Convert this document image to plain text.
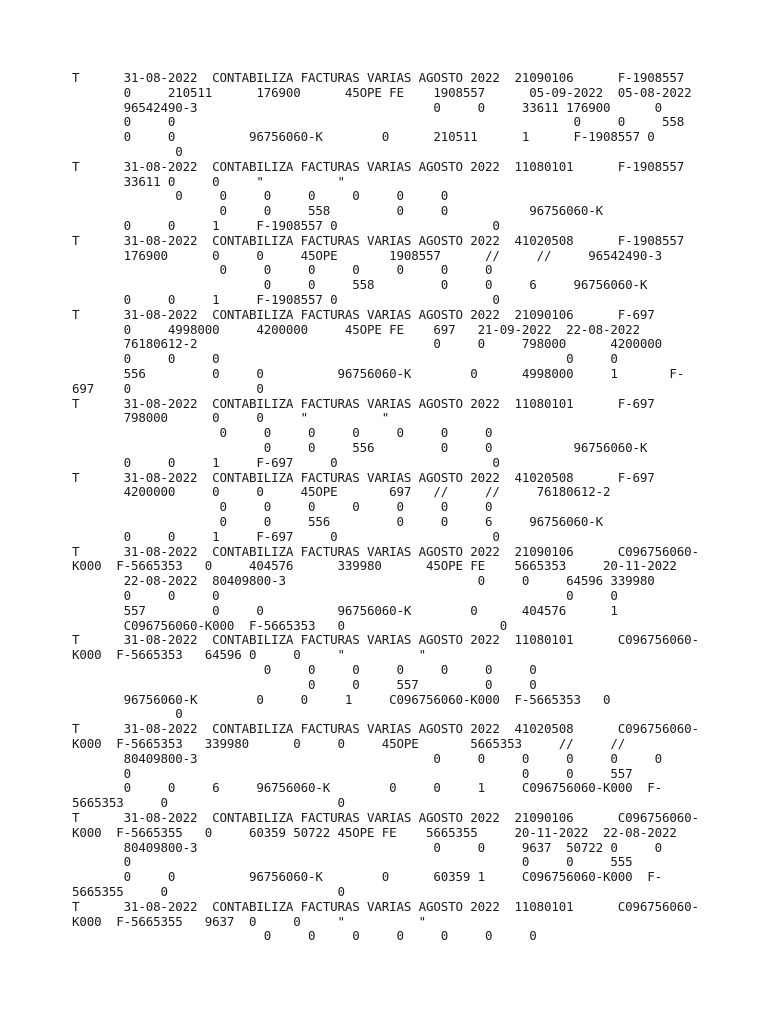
T      31-08-2022  CONTABILIZA FACTURAS VARIAS AGOSTO 2022  21090106      F-1908557
0     210511      176900      45OPE FE    1908557      05-09-2022  05-08-2022
96542490-3                                0     0     33611 176900      0
0     0                                                      0     0     558
0     0          96756060-K        0      210511      1      F-1908557 0
0
T      31-08-2022  CONTABILIZA FACTURAS VARIAS AGOSTO 2022  11080101      F-1908557
33611 0     0     "          "
0     0     0     0     0     0     0
0     0     558         0     0           96756060-K
0     0     1     F-1908557 0                     0
T      31-08-2022  CONTABILIZA FACTURAS VARIAS AGOSTO 2022  41020508      F-1908557
176900      0     0     45OPE       1908557      //     //     96542490-3
0     0     0     0     0     0     0
0     0     558         0     0     6     96756060-K
0     0     1     F-1908557 0                     0
T      31-08-2022  CONTABILIZA FACTURAS VARIAS AGOSTO 2022  21090106      F-697
0     4998000     4200000     45OPE FE    697   21-09-2022  22-08-2022
76180612-2                                0     0     798000      4200000
0     0     0                                               0     0
556         0     0          96756060-K        0      4998000     1       F-
697    0                 0
T      31-08-2022  CONTABILIZA FACTURAS VARIAS AGOSTO 2022  11080101      F-697
798000      0     0     "          "
0     0     0     0     0     0     0
0     0     556         0     0           96756060-K
0     0     1     F-697     0                     0
T      31-08-2022  CONTABILIZA FACTURAS VARIAS AGOSTO 2022  41020508      F-697
4200000     0     0     45OPE       697   //     //     76180612-2
0     0     0     0     0     0     0
0     0     556         0     0     6     96756060-K
0     0     1     F-697     0                     0
T      31-08-2022  CONTABILIZA FACTURAS VARIAS AGOSTO 2022  21090106      C096756060-
K000  F-5665353   0     404576      339980      45OPE FE    5665353     20-11-2022
22-08-2022  80409800-3                          0     0     64596 339980
0     0     0                                               0     0
557         0     0          96756060-K        0      404576      1
C096756060-K000  F-5665353   0                     0
T      31-08-2022  CONTABILIZA FACTURAS VARIAS AGOSTO 2022  11080101      C096756060-
K000  F-5665353   64596 0     0     "          "
0     0     0     0     0     0     0
0     0     557         0     0
96756060-K        0     0     1     C096756060-K000  F-5665353   0
0
T      31-08-2022  CONTABILIZA FACTURAS VARIAS AGOSTO 2022  41020508      C096756060-
K000  F-5665353   339980      0     0     45OPE       5665353     //     //
80409800-3                                0     0     0     0     0     0
0                                                     0     0     557
0     0     6     96756060-K        0     0     1     C096756060-K000  F-
5665353     0                       0
T      31-08-2022  CONTABILIZA FACTURAS VARIAS AGOSTO 2022  21090106      C096756060-
K000  F-5665355   0     60359 50722 45OPE FE    5665355     20-11-2022  22-08-2022
80409800-3                                0     0     9637  50722 0     0
0                                                     0     0     555
0     0          96756060-K        0      60359 1     C096756060-K000  F-
5665355     0                       0
T      31-08-2022  CONTABILIZA FACTURAS VARIAS AGOSTO 2022  11080101      C096756060-
K000  F-5665355   9637  0     0     "          "
0     0     0     0     0     0     0
